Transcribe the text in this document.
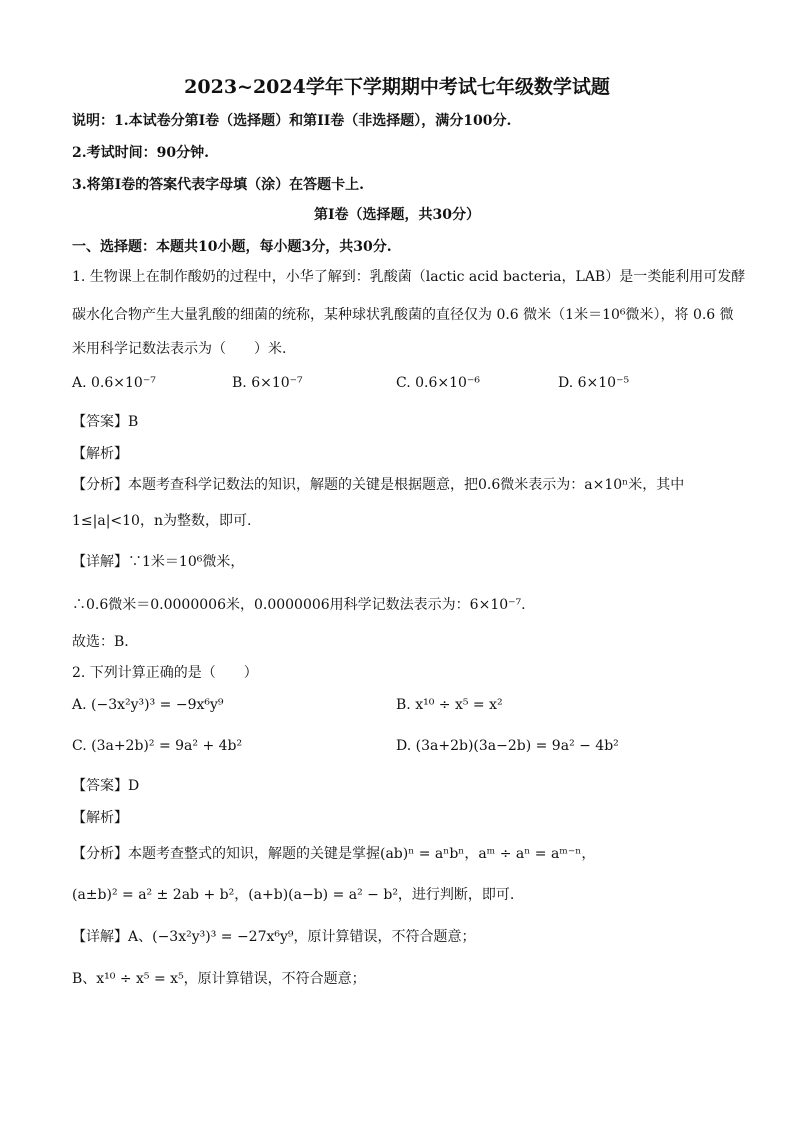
2023~2024学年下学期期中考试七年级数学试题
说明：1.本试卷分第I卷（选择题）和第II卷（非选择题），满分100分.
2.考试时间：90分钟.
3.将第I卷的答案代表字母填（涂）在答题卡上.
第I卷（选择题，共30分）
一、选择题：本题共10小题，每小题3分，共30分.
1. 生物课上在制作酸奶的过程中，小华了解到：乳酸菌（lactic acid bacteria，LAB）是一类能利用可发酵
碳水化合物产生大量乳酸的细菌的统称，某种球状乳酸菌的直径仅为 0.6 微米（1米＝10⁶微米），将 0.6 微
米用科学记数法表示为（　　）米.
A. 0.6×10⁻⁷	B. 6×10⁻⁷	C. 0.6×10⁻⁶	D. 6×10⁻⁵
【答案】B
【解析】
【分析】本题考查科学记数法的知识，解题的关键是根据题意，把0.6微米表示为：a×10ⁿ米，其中
1≤|a|<10，n为整数，即可.
【详解】∵1米＝10⁶微米，
∴0.6微米＝0.0000006米，0.0000006用科学记数法表示为：6×10⁻⁷.
故选：B.
2. 下列计算正确的是（　　）
A. (−3x²y³)³ = −9x⁶y⁹	B. x¹⁰ ÷ x⁵ = x²
C. (3a+2b)² = 9a² + 4b²	D. (3a+2b)(3a−2b) = 9a² − 4b²
【答案】D
【解析】
【分析】本题考查整式的知识，解题的关键是掌握(ab)ⁿ = aⁿbⁿ，aᵐ ÷ aⁿ = aᵐ⁻ⁿ，
(a±b)² = a² ± 2ab + b²，(a+b)(a−b) = a² − b²，进行判断，即可.
【详解】A、(−3x²y³)³ = −27x⁶y⁹，原计算错误，不符合题意；
B、x¹⁰ ÷ x⁵ = x⁵，原计算错误，不符合题意；
